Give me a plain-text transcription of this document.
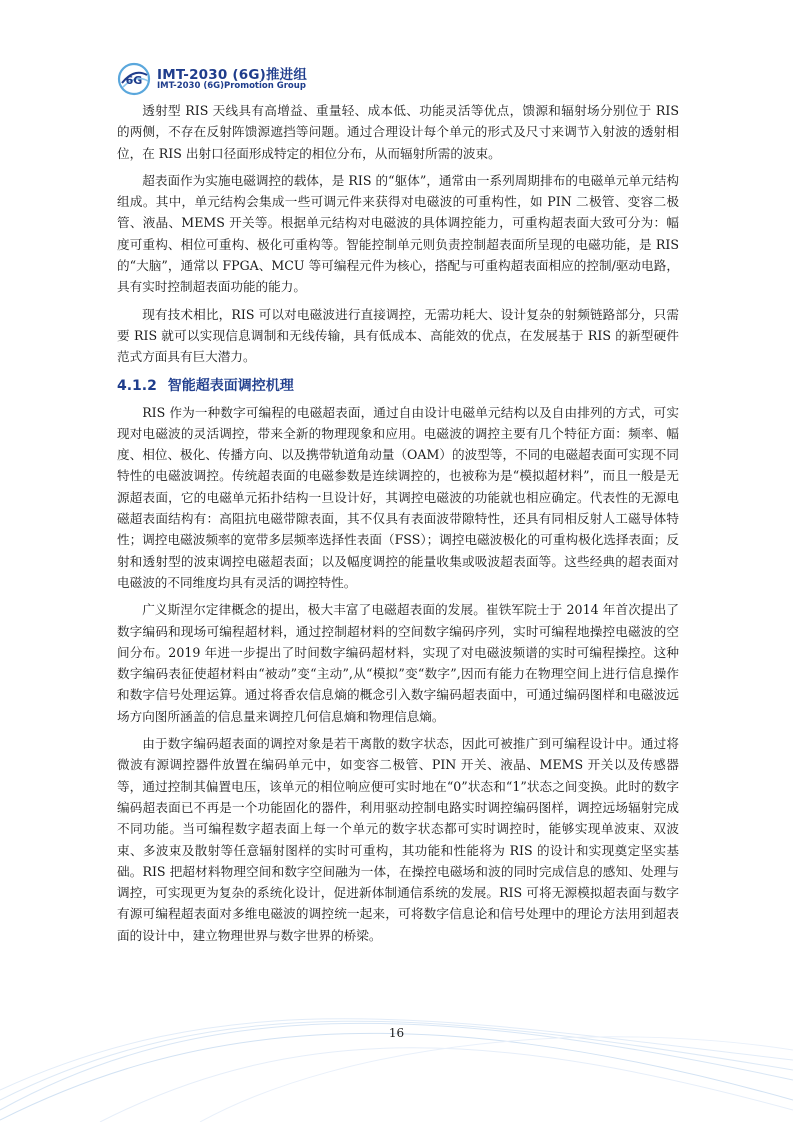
6G IMT-2030 (6G)推进组
IMT-2030 (6G)Promotion Group

透射型 RIS 天线具有高增益、重量轻、成本低、功能灵活等优点，馈源和辐射场分别位于 RIS 的两侧，不存在反射阵馈源遮挡等问题。通过合理设计每个单元的形式及尺寸来调节入射波的透射相位，在 RIS 出射口径面形成特定的相位分布，从而辐射所需的波束。

超表面作为实施电磁调控的载体，是 RIS 的“躯体”，通常由一系列周期排布的电磁单元单元结构组成。其中，单元结构会集成一些可调元件来获得对电磁波的可重构性，如 PIN 二极管、变容二极管、液晶、MEMS 开关等。根据单元结构对电磁波的具体调控能力，可重构超表面大致可分为：幅度可重构、相位可重构、极化可重构等。智能控制单元则负责控制超表面所呈现的电磁功能，是 RIS 的“大脑”，通常以 FPGA、MCU 等可编程元件为核心，搭配与可重构超表面相应的控制/驱动电路，具有实时控制超表面功能的能力。

现有技术相比，RIS 可以对电磁波进行直接调控，无需功耗大、设计复杂的射频链路部分，只需要 RIS 就可以实现信息调制和无线传输，具有低成本、高能效的优点，在发展基于 RIS 的新型硬件范式方面具有巨大潜力。

4.1.2 智能超表面调控机理

RIS 作为一种数字可编程的电磁超表面，通过自由设计电磁单元结构以及自由排列的方式，可实现对电磁波的灵活调控，带来全新的物理现象和应用。电磁波的调控主要有几个特征方面：频率、幅度、相位、极化、传播方向、以及携带轨道角动量（OAM）的波型等，不同的电磁超表面可实现不同特性的电磁波调控。传统超表面的电磁参数是连续调控的，也被称为是“模拟超材料”，而且一般是无源超表面，它的电磁单元拓扑结构一旦设计好，其调控电磁波的功能就也相应确定。代表性的无源电磁超表面结构有：高阻抗电磁带隙表面，其不仅具有表面波带隙特性，还具有同相反射人工磁导体特性；调控电磁波频率的宽带多层频率选择性表面（FSS）；调控电磁波极化的可重构极化选择表面；反射和透射型的波束调控电磁超表面；以及幅度调控的能量收集或吸波超表面等。这些经典的超表面对电磁波的不同维度均具有灵活的调控特性。

广义斯涅尔定律概念的提出，极大丰富了电磁超表面的发展。崔铁军院士于 2014 年首次提出了数字编码和现场可编程超材料，通过控制超材料的空间数字编码序列，实时可编程地操控电磁波的空间分布。2019 年进一步提出了时间数字编码超材料，实现了对电磁波频谱的实时可编程操控。这种数字编码表征使超材料由“被动”变“主动”,从“模拟”变“数字”,因而有能力在物理空间上进行信息操作和数字信号处理运算。通过将香农信息熵的概念引入数字编码超表面中，可通过编码图样和电磁波远场方向图所涵盖的信息量来调控几何信息熵和物理信息熵。

由于数字编码超表面的调控对象是若干离散的数字状态，因此可被推广到可编程设计中。通过将微波有源调控器件放置在编码单元中，如变容二极管、PIN 开关、液晶、MEMS 开关以及传感器等，通过控制其偏置电压，该单元的相位响应便可实时地在“0”状态和“1”状态之间变换。此时的数字编码超表面已不再是一个功能固化的器件，利用驱动控制电路实时调控编码图样，调控远场辐射完成不同功能。当可编程数字超表面上每一个单元的数字状态都可实时调控时，能够实现单波束、双波束、多波束及散射等任意辐射图样的实时可重构，其功能和性能将为 RIS 的设计和实现奠定坚实基础。RIS 把超材料物理空间和数字空间融为一体，在操控电磁场和波的同时完成信息的感知、处理与调控，可实现更为复杂的系统化设计，促进新体制通信系统的发展。RIS 可将无源模拟超表面与数字有源可编程超表面对多维电磁波的调控统一起来，可将数字信息论和信号处理中的理论方法用到超表面的设计中，建立物理世界与数字世界的桥梁。

16
